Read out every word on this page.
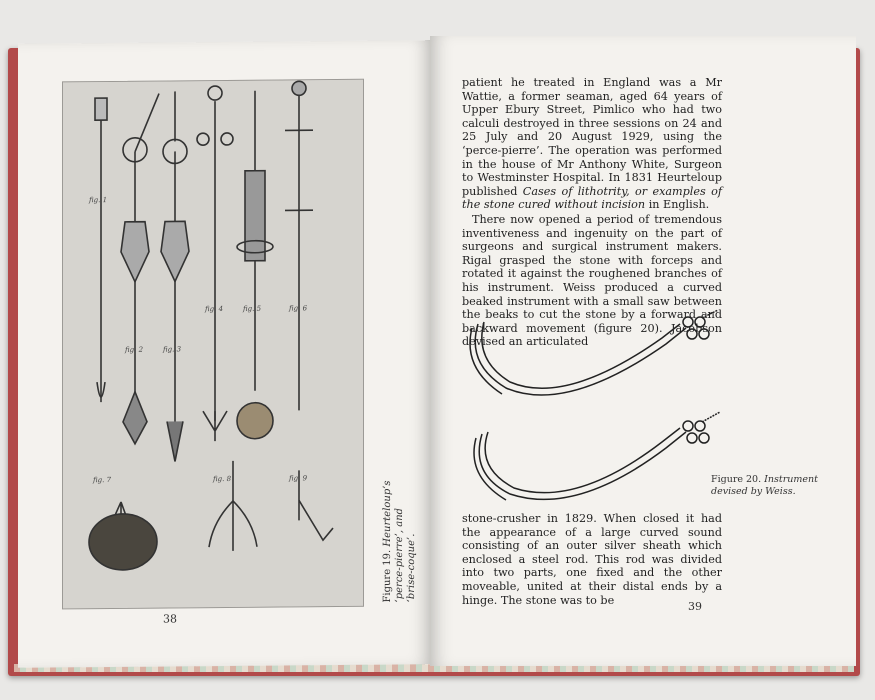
fig. 1
fig. 2	fig. 3
fig. 4	fig. 5	fig. 6
fig. 7	fig. 8	fig. 9
Figure 19. Heurteloup’s ‘perce-pierre’, and ‘brise-coque’.
38

patient he treated in England was a Mr Wattie, a former seaman, aged 64 years of Upper Ebury Street, Pimlico who had two calculi destroyed in three sessions on 24 and 25 July and 20 August 1929, using the ‘perce-pierre’. The operation was performed in the house of Mr Anthony White, Surgeon to Westminster Hospital. In 1831 Heurteloup published Cases of lithotrity, or examples of the stone cured without incision in English.

There now opened a period of tremendous inventiveness and ingenuity on the part of surgeons and surgical instrument makers. Rigal grasped the stone with forceps and rotated it against the roughened branches of his instrument. Weiss produced a curved beaked instrument with a small saw between the beaks to cut the stone by a forward and backward movement (figure 20). Jacobson devised an articulated

Figure 20. Instrument devised by Weiss.

stone-crusher in 1829. When closed it had the appearance of a large curved sound consisting of an outer silver sheath which enclosed a steel rod. This rod was divided into two parts, one fixed and the other moveable, united at their distal ends by a hinge. The stone was to be	39
